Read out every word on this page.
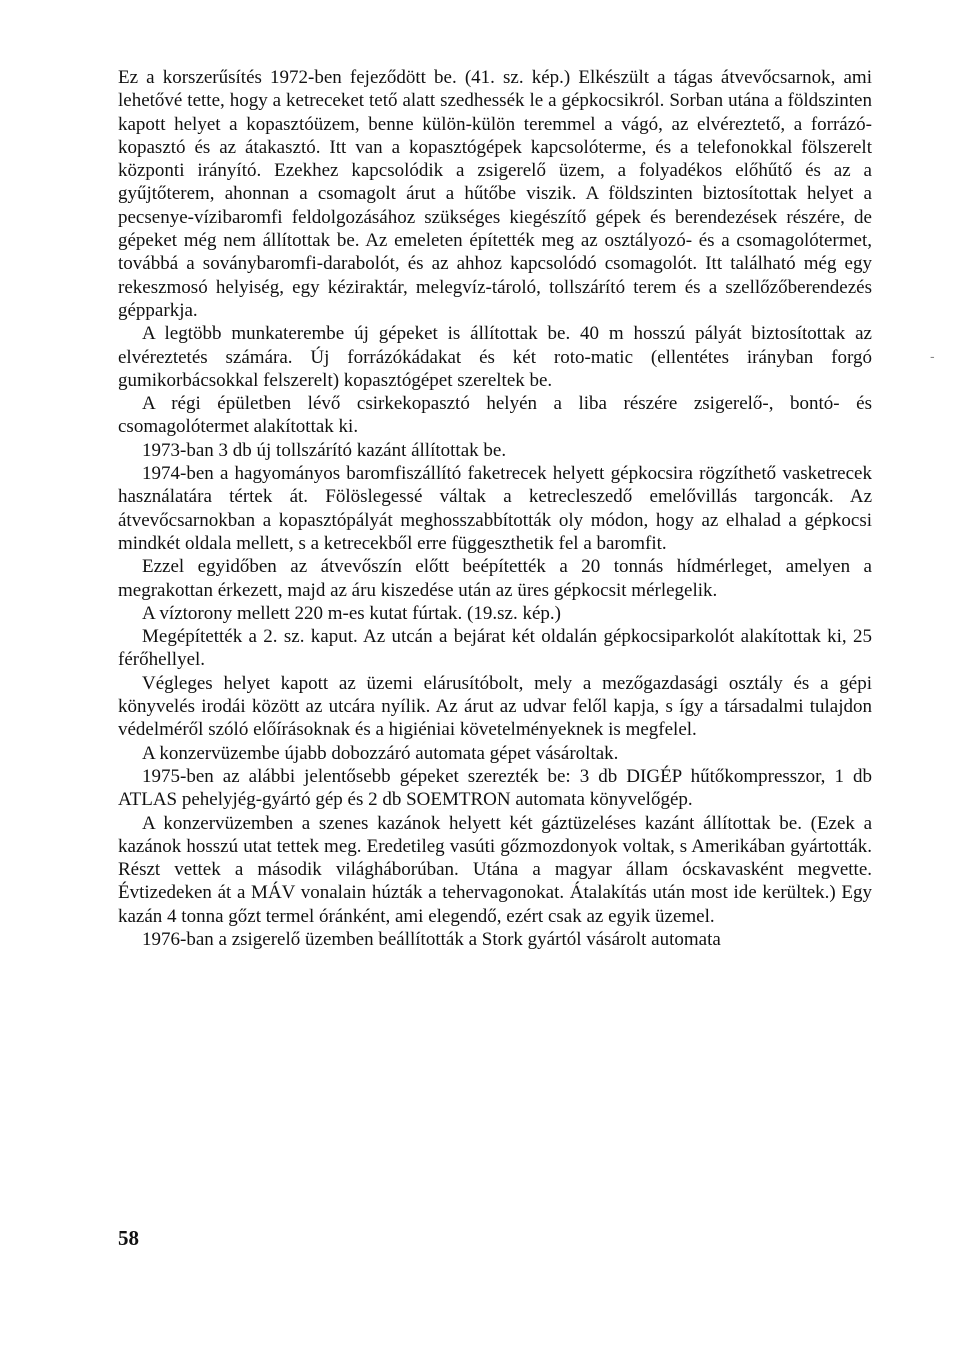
Ez a korszerűsítés 1972-ben fejeződött be. (41. sz. kép.) Elkészült a tágas átvevőcsarnok, ami lehetővé tette, hogy a ketreceket tető alatt szedhessék le a gépkocsikról. Sorban utána a földszinten kapott helyet a kopasztóüzem, benne külön-külön teremmel a vágó, az elvéreztető, a forrázó-kopasztó és az átakasztó. Itt van a kopasztógépek kapcsolóterme, és a telefonokkal fölszerelt központi irányító. Ezekhez kapcsolódik a zsigerelő üzem, a folyadékos előhűtő és az a gyűjtőterem, ahonnan a csomagolt árut a hűtőbe viszik. A földszinten biztosítottak helyet a pecsenye-vízibaromfi feldolgozásához szükséges kiegészítő gépek és berendezések részére, de gépeket még nem állítottak be. Az emeleten építették meg az osztályozó- és a csomagolótermet, továbbá a soványbaromfi-darabolót, és az ahhoz kapcsolódó csomagolót. Itt található még egy rekeszmosó helyiség, egy kéziraktár, melegvíz-tároló, tollszárító terem és a szellőzőberendezés gépparkja.

A legtöbb munkaterembe új gépeket is állítottak be. 40 m hosszú pályát biztosítottak az elvéreztetés számára. Új forrázókádakat és két roto-matic (ellentétes irányban forgó gumikorbácsokkal felszerelt) kopasztógépet szereltek be.

A régi épületben lévő csirkekopasztó helyén a liba részére zsigerelő-, bontó- és csomagolótermet alakítottak ki.

1973-ban 3 db új tollszárító kazánt állítottak be.

1974-ben a hagyományos baromfiszállító faketrecek helyett gépkocsira rögzíthető vasketrecek használatára tértek át. Fölöslegessé váltak a ketrecleszedő emelővillás targoncák. Az átvevőcsarnokban a kopasztópályát meghosszabbították oly módon, hogy az elhalad a gépkocsi mindkét oldala mellett, s a ketrecekből erre függeszthetik fel a baromfit.

Ezzel egyidőben az átvevőszín előtt beépítették a 20 tonnás hídmérleget, amelyen a megrakottan érkezett, majd az áru kiszedése után az üres gépkocsit mérlegelik.

A víztorony mellett 220 m-es kutat fúrtak. (19.sz. kép.)

Megépítették a 2. sz. kaput. Az utcán a bejárat két oldalán gépkocsiparkolót alakítottak ki, 25 férőhellyel.

Végleges helyet kapott az üzemi elárusítóbolt, mely a mezőgazdasági osztály és a gépi könyvelés irodái között az utcára nyílik. Az árut az udvar felől kapja, s így a társadalmi tulajdon védelméről szóló előírásoknak és a higiéniai követelményeknek is megfelel.

A konzervüzembe újabb dobozzáró automata gépet vásároltak.

1975-ben az alábbi jelentősebb gépeket szerezték be: 3 db DIGÉP hűtőkompresszor, 1 db ATLAS pehelyjég-gyártó gép és 2 db SOEMTRON automata könyvelőgép.

A konzervüzemben a szenes kazánok helyett két gáztüzeléses kazánt állítottak be. (Ezek a kazánok hosszú utat tettek meg. Eredetileg vasúti gőzmozdonyok voltak, s Amerikában gyártották. Részt vettek a második világháborúban. Utána a magyar állam ócskavasként megvette. Évtizedeken át a MÁV vonalain húzták a tehervagonokat. Átalakítás után most ide kerültek.) Egy kazán 4 tonna gőzt termel óránként, ami elegendő, ezért csak az egyik üzemel.

1976-ban a zsigerelő üzemben beállították a Stork gyártól vásárolt automata

-
58
